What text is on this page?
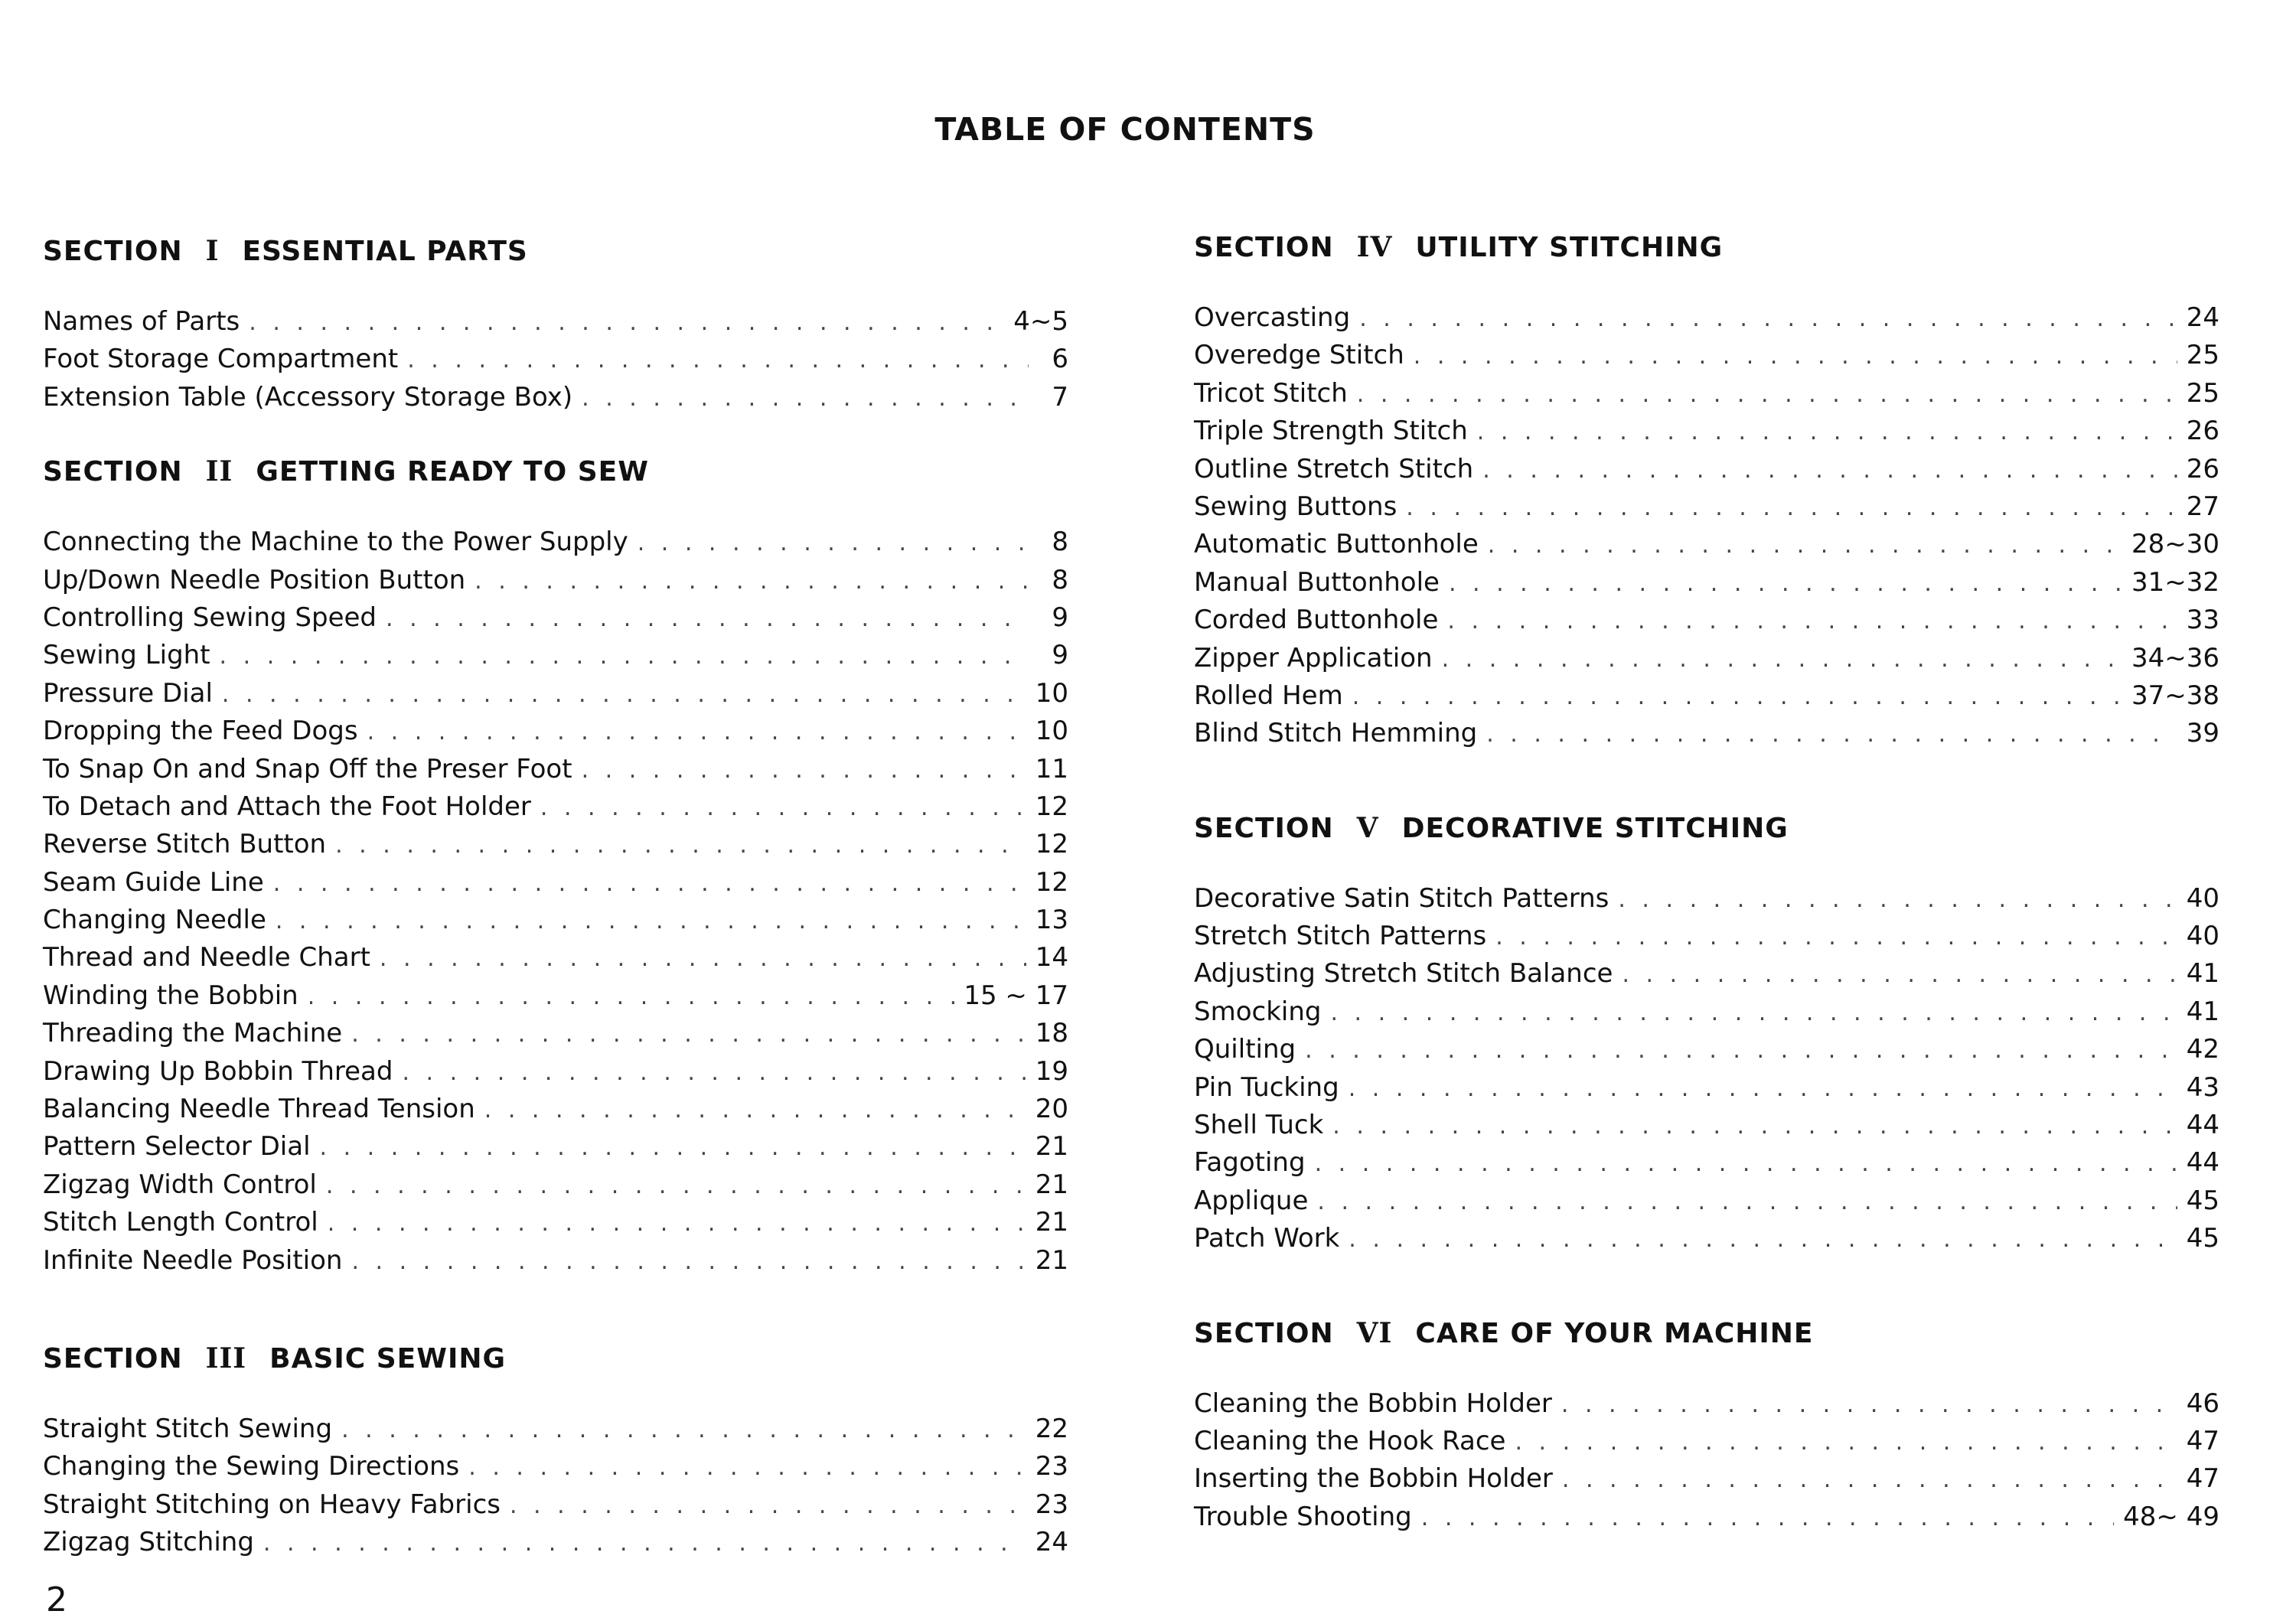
TABLE OF CONTENTS
SECTION I ESSENTIAL PARTS
Names of Parts . . .	4~5
Foot Storage Compartment . . .	6
Extension Table (Accessory Storage Box) . . .	7
SECTION II GETTING READY TO SEW
Connecting the Machine to the Power Supply . . .	8
Up/Down Needle Position Button . . .	8
Controlling Sewing Speed . . .	9
Sewing Light . . .	9
Pressure Dial . . .	10
Dropping the Feed Dogs . . .	10
To Snap On and Snap Off the Preser Foot . . .	11
To Detach and Attach the Foot Holder . . .	12
Reverse Stitch Button . . .	12
Seam Guide Line . . .	12
Changing Needle . . .	13
Thread and Needle Chart . . .	14
Winding the Bobbin . . .	15 ~ 17
Threading the Machine . . .	18
Drawing Up Bobbin Thread . . .	19
Balancing Needle Thread Tension . . .	20
Pattern Selector Dial . . .	21
Zigzag Width Control . . .	21
Stitch Length Control . . .	21
Infinite Needle Position . . .	21
SECTION III BASIC SEWING
Straight Stitch Sewing . . .	22
Changing the Sewing Directions . . .	23
Straight Stitching on Heavy Fabrics . . .	23
Zigzag Stitching . . .	24
SECTION IV UTILITY STITCHING
Overcasting . . .	24
Overedge Stitch . . .	25
Tricot Stitch . . .	25
Triple Strength Stitch . . .	26
Outline Stretch Stitch . . .	26
Sewing Buttons . . .	27
Automatic Buttonhole . . .	28~30
Manual Buttonhole . . .	31~32
Corded Buttonhole . . .	33
Zipper Application . . .	34~36
Rolled Hem . . .	37~38
Blind Stitch Hemming . . .	39
SECTION V DECORATIVE STITCHING
Decorative Satin Stitch Patterns . . .	40
Stretch Stitch Patterns . . .	40
Adjusting Stretch Stitch Balance . . .	41
Smocking . . .	41
Quilting . . .	42
Pin Tucking . . .	43
Shell Tuck . . .	44
Fagoting . . .	44
Applique . . .	45
Patch Work . . .	45
SECTION VI CARE OF YOUR MACHINE
Cleaning the Bobbin Holder . . .	46
Cleaning the Hook Race . . .	47
Inserting the Bobbin Holder . . .	47
Trouble Shooting . . .	48~ 49
2
